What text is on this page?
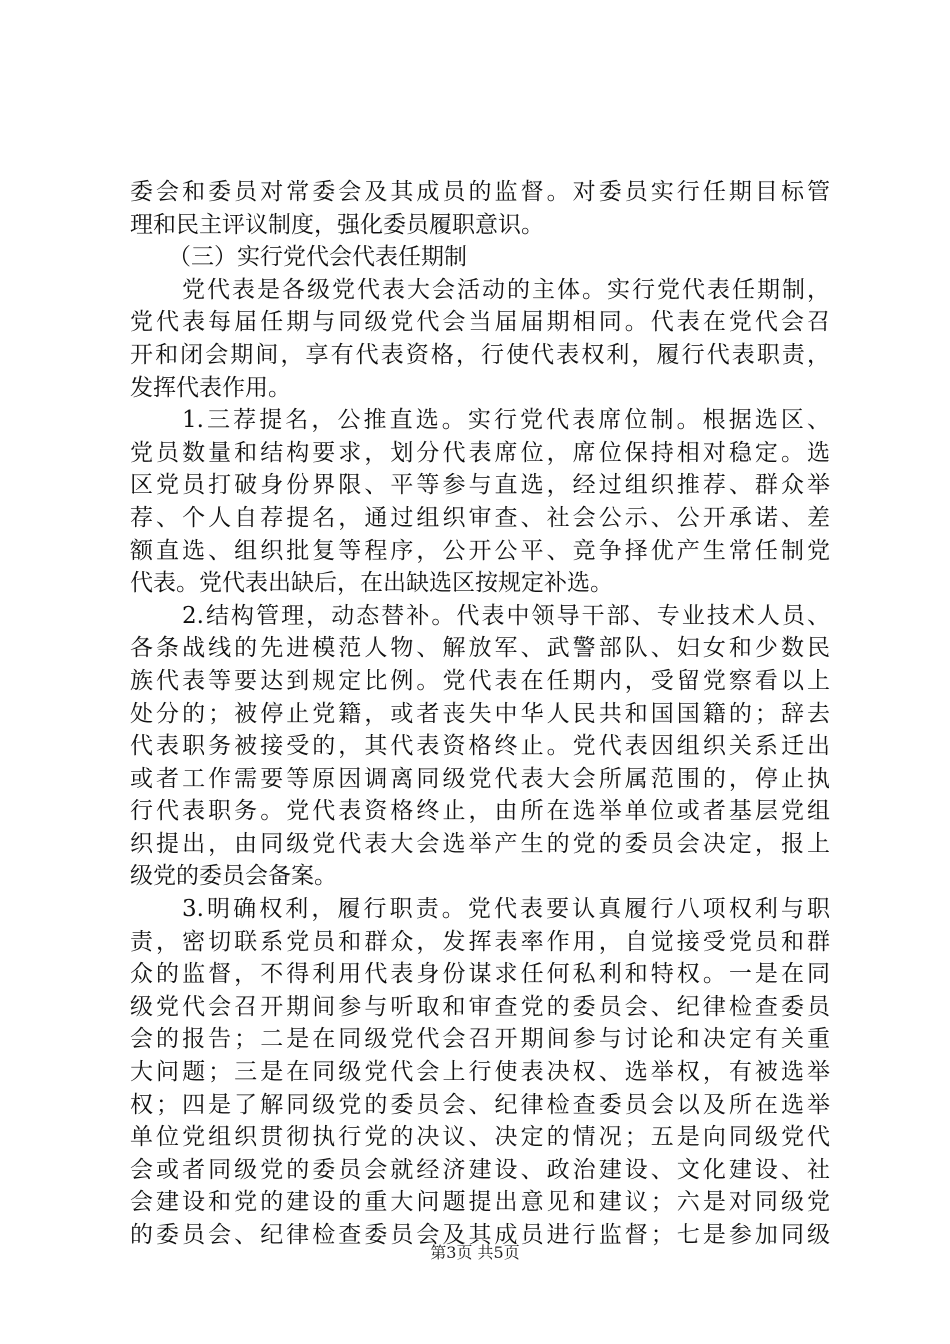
委会和委员对常委会及其成员的监督。对委员实行任期目标管
理和民主评议制度，强化委员履职意识。
（三）实行党代会代表任期制
党代表是各级党代表大会活动的主体。实行党代表任期制，
党代表每届任期与同级党代会当届届期相同。代表在党代会召
开和闭会期间，享有代表资格，行使代表权利，履行代表职责，
发挥代表作用。
1.三荐提名，公推直选。实行党代表席位制。根据选区、
党员数量和结构要求，划分代表席位，席位保持相对稳定。选
区党员打破身份界限、平等参与直选，经过组织推荐、群众举
荐、个人自荐提名，通过组织审查、社会公示、公开承诺、差
额直选、组织批复等程序，公开公平、竞争择优产生常任制党
代表。党代表出缺后，在出缺选区按规定补选。
2.结构管理，动态替补。代表中领导干部、专业技术人员、
各条战线的先进模范人物、解放军、武警部队、妇女和少数民
族代表等要达到规定比例。党代表在任期内，受留党察看以上
处分的；被停止党籍，或者丧失中华人民共和国国籍的；辞去
代表职务被接受的，其代表资格终止。党代表因组织关系迁出
或者工作需要等原因调离同级党代表大会所属范围的，停止执
行代表职务。党代表资格终止，由所在选举单位或者基层党组
织提出，由同级党代表大会选举产生的党的委员会决定，报上
级党的委员会备案。
3.明确权利，履行职责。党代表要认真履行八项权利与职
责，密切联系党员和群众，发挥表率作用，自觉接受党员和群
众的监督，不得利用代表身份谋求任何私利和特权。一是在同
级党代会召开期间参与听取和审查党的委员会、纪律检查委员
会的报告；二是在同级党代会召开期间参与讨论和决定有关重
大问题；三是在同级党代会上行使表决权、选举权，有被选举
权；四是了解同级党的委员会、纪律检查委员会以及所在选举
单位党组织贯彻执行党的决议、决定的情况；五是向同级党代
会或者同级党的委员会就经济建设、政治建设、文化建设、社
会建设和党的建设的重大问题提出意见和建议；六是对同级党
的委员会、纪律检查委员会及其成员进行监督；七是参加同级
第3页 共5页
